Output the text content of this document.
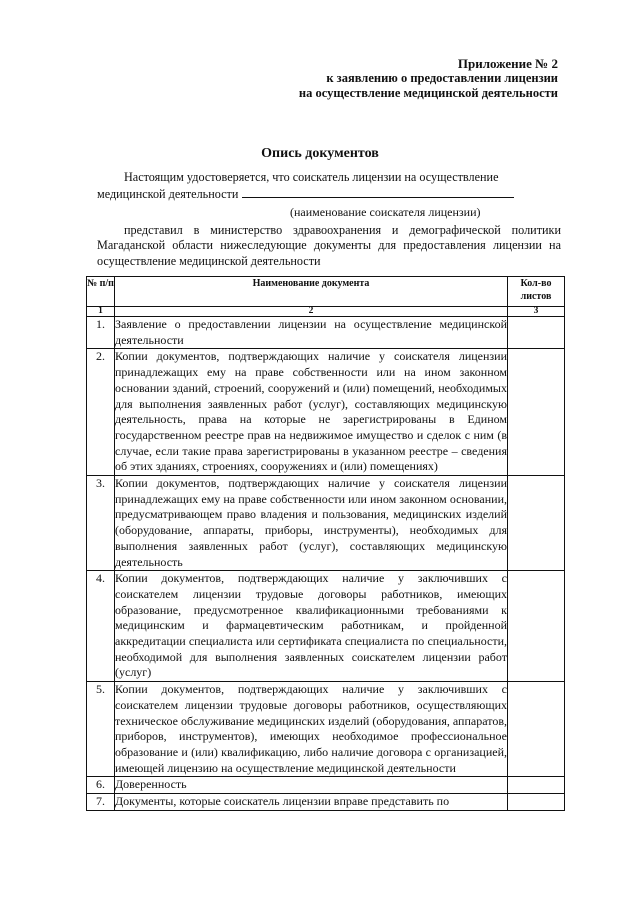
Приложение № 2
к заявлению о предоставлении лицензии
на осуществление медицинской деятельности
Опись документов
Настоящим удостоверяется, что соискатель лицензии на осуществление
медицинской деятельности
(наименование соискателя лицензии)
представил в министерство здравоохранения и демографической политики Магаданской области нижеследующие документы для предоставления лицензии на осуществление медицинской деятельности
№ п/п	Наименование документа	Кол-во листов
1	2	3
1.	Заявление о предоставлении лицензии на осуществление медицинской деятельности	
2.	Копии документов, подтверждающих наличие у соискателя лицензии принадлежащих ему на праве собственности или на ином законном основании зданий, строений, сооружений и (или) помещений, необходимых для выполнения заявленных работ (услуг), составляющих медицинскую деятельность, права на которые не зарегистрированы в Едином государственном реестре прав на недвижимое имущество и сделок с ним (в случае, если такие права зарегистрированы в указанном реестре – сведения об этих зданиях, строениях, сооружениях и (или) помещениях)	
3.	Копии документов, подтверждающих наличие у соискателя лицензии принадлежащих ему на праве собственности или ином законном основании, предусматривающем право владения и пользования, медицинских изделий (оборудование, аппараты, приборы, инструменты), необходимых для выполнения заявленных работ (услуг), составляющих медицинскую деятельность	
4.	Копии документов, подтверждающих наличие у заключивших с соискателем лицензии трудовые договоры работников, имеющих образование, предусмотренное квалификационными требованиями к медицинским и фармацевтическим работникам, и пройденной аккредитации специалиста или сертификата специалиста по специальности, необходимой для выполнения заявленных соискателем лицензии работ (услуг)	
5.	Копии документов, подтверждающих наличие у заключивших с соискателем лицензии трудовые договоры работников, осуществляющих техническое обслуживание медицинских изделий (оборудования, аппаратов, приборов, инструментов), имеющих необходимое профессиональное образование и (или) квалификацию, либо наличие договора с организацией, имеющей лицензию на осуществление медицинской деятельности	
6.	Доверенность	
7.	Документы, которые соискатель лицензии вправе представить по	
